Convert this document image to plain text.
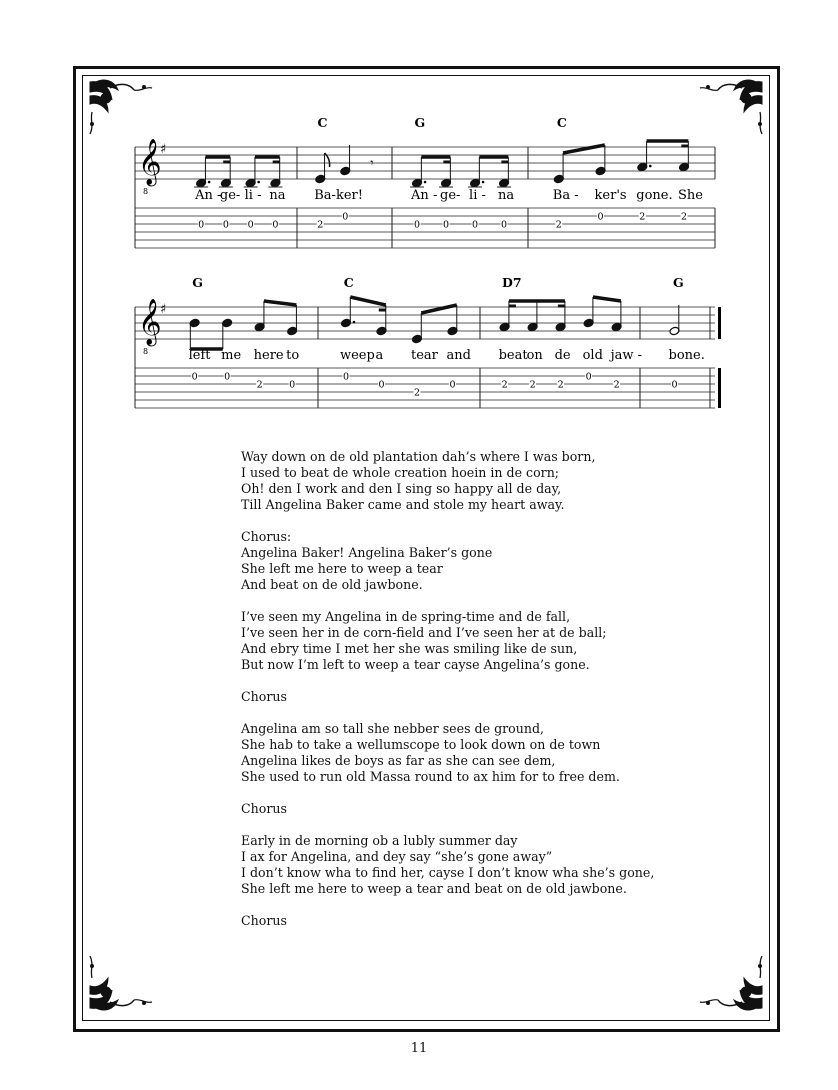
𝄞
8
♯
An -
0
ge-
0
li -
0
na
0
C
Ba-ker!
2
0
𝄾
G
An -
0
ge-
0
li -
0
na
0
C
Ba -
2
ker's
0
gone.
2
She
2
𝄞
8
♯
G
left
0
me
0
here
2
to
0
C
weep
0
a
0
tear
2
and
0
D7
beat
2
on
2
de
2
old
0
jaw -
2
G
bone.
0
Way down on de old plantation dah’s where I was born,
I used to beat de whole creation hoein in de corn;
Oh! den I work and den I sing so happy all de day,
Till Angelina Baker came and stole my heart away.
Chorus:
Angelina Baker! Angelina Baker’s gone
She left me here to weep a tear
And beat on de old jawbone.
I’ve seen my Angelina in de spring-time and de fall,
I’ve seen her in de corn-field and I’ve seen her at de ball;
And ebry time I met her she was smiling like de sun,
But now I’m left to weep a tear cayse Angelina’s gone.
Chorus
Angelina am so tall she nebber sees de ground,
She hab to take a wellumscope to look down on de town
Angelina likes de boys as far as she can see dem,
She used to run old Massa round to ax him for to free dem.
Chorus
Early in de morning ob a lubly summer day
I ax for Angelina, and dey say “she’s gone away”
I don’t know wha to find her, cayse I don’t know wha she’s gone,
She left me here to weep a tear and beat on de old jawbone.
Chorus
11
